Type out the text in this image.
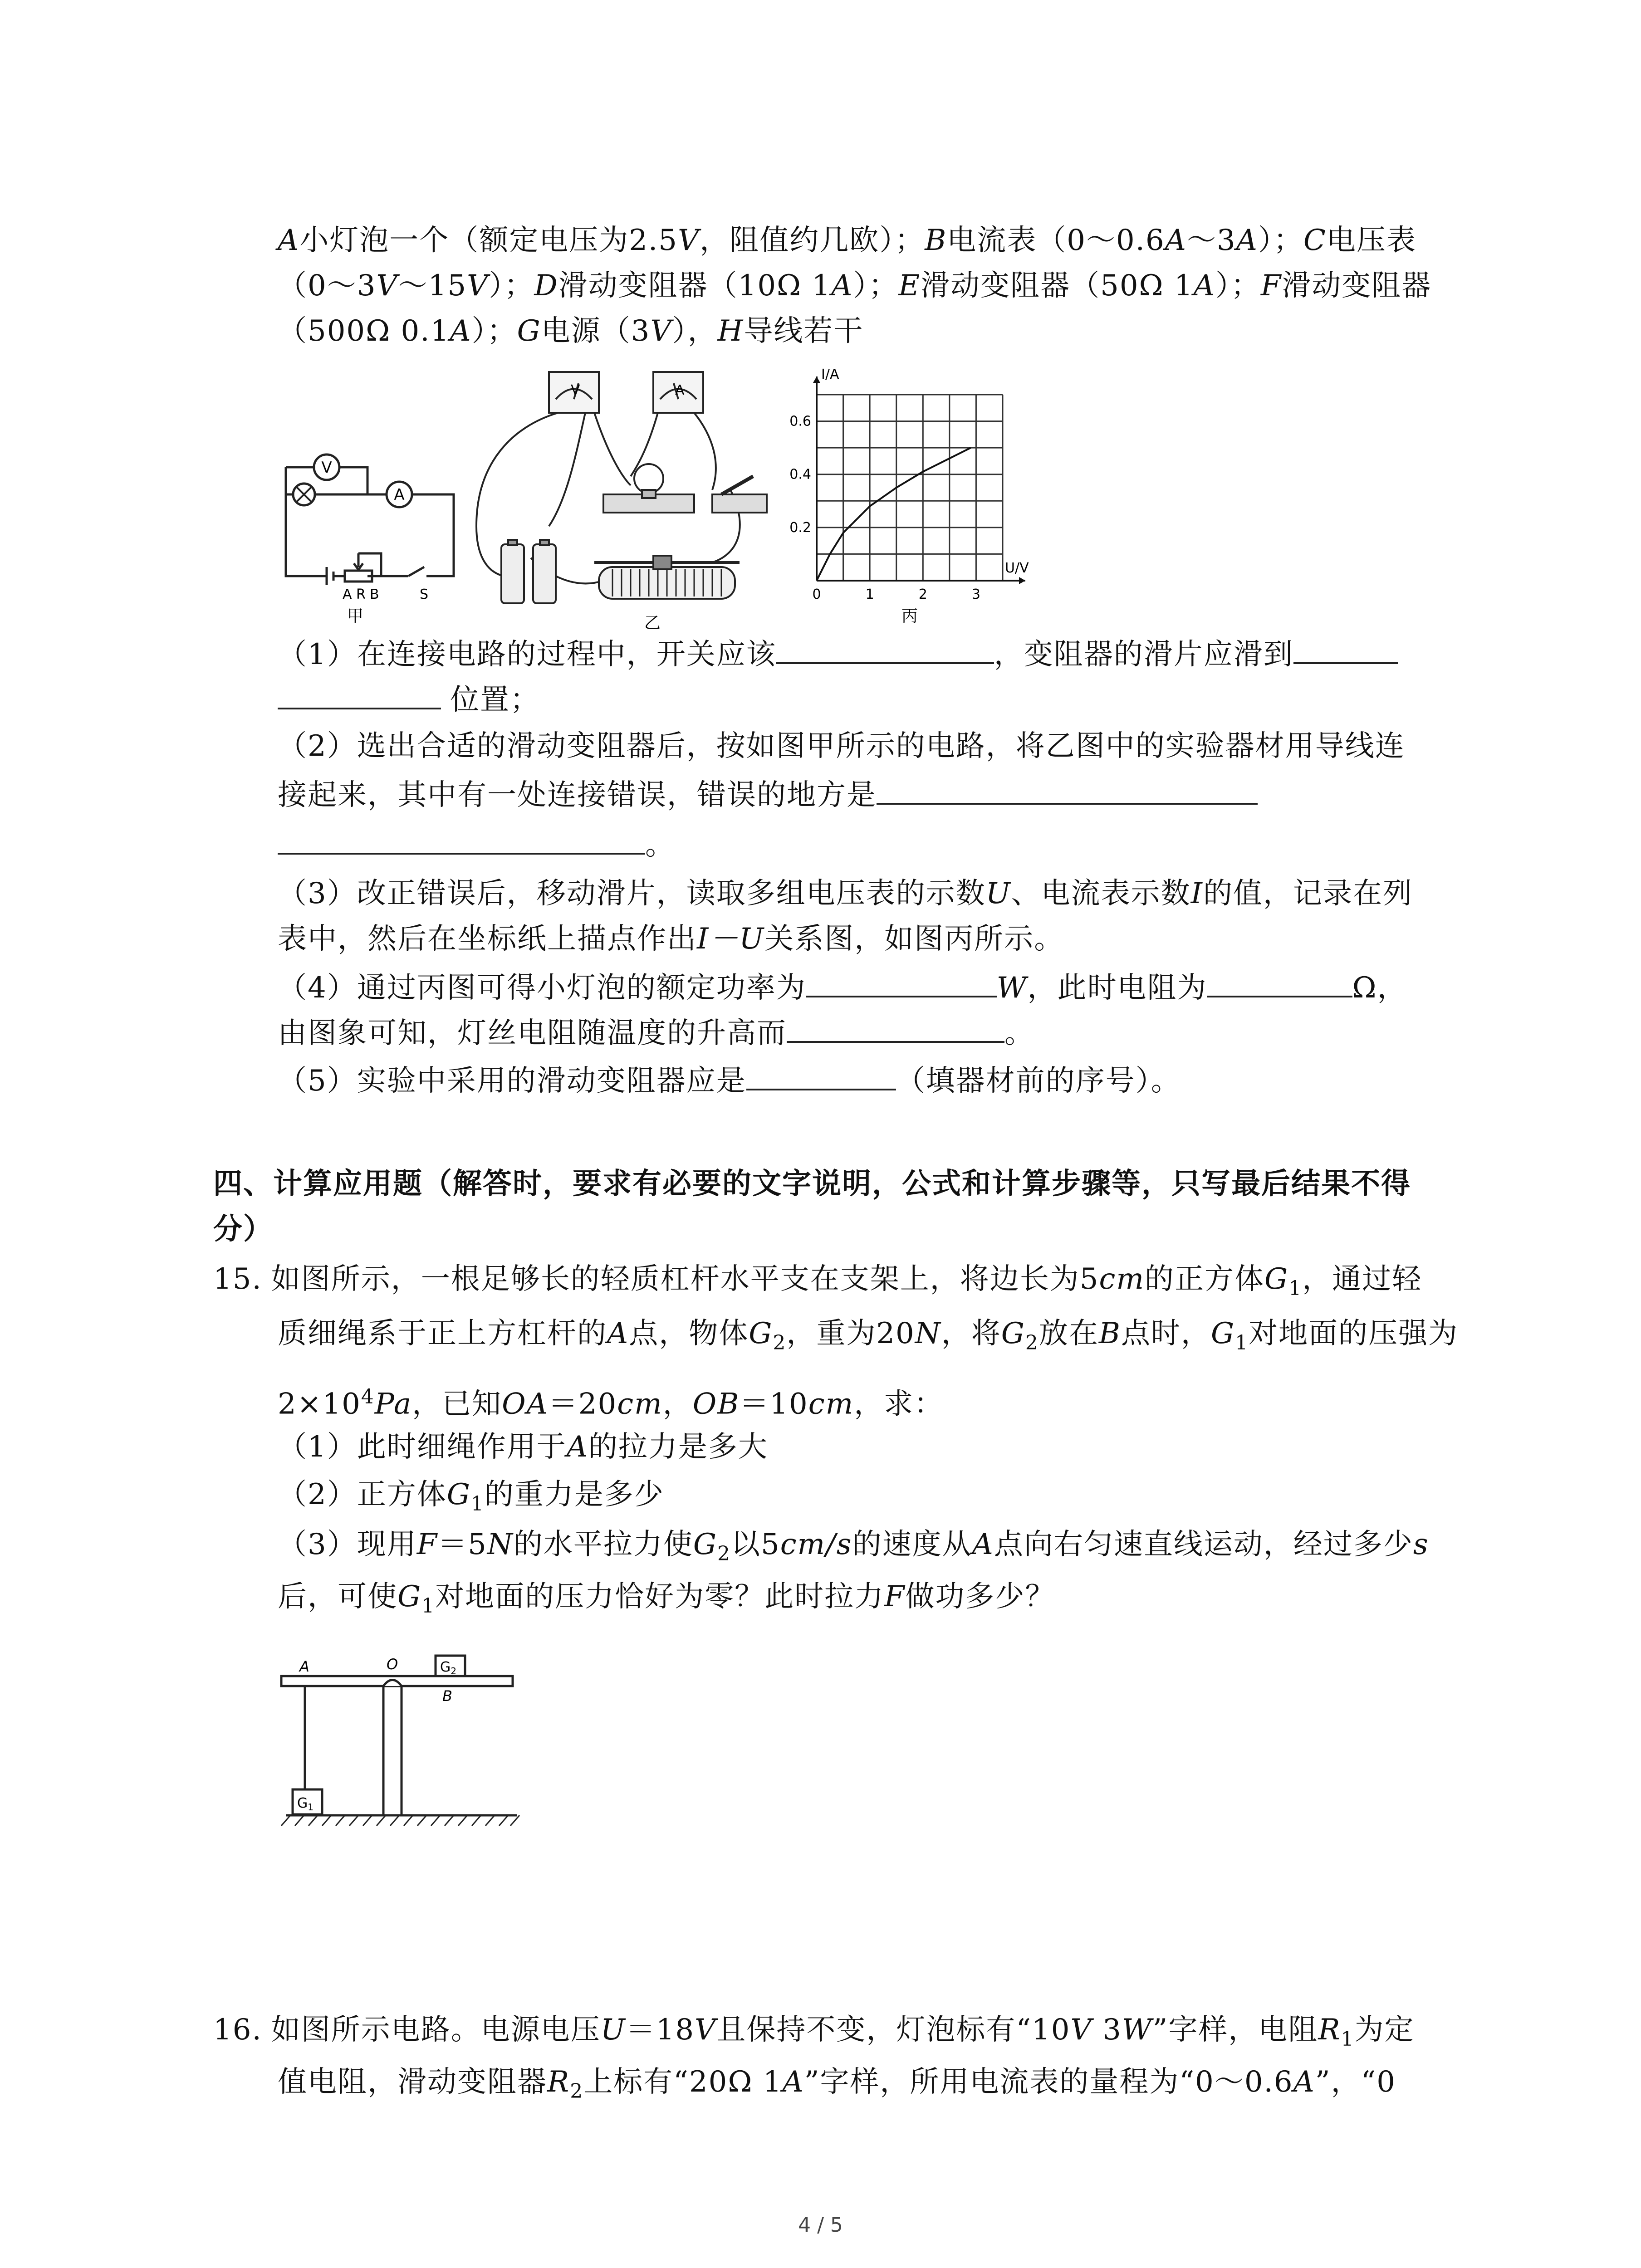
A小灯泡一个（额定电压为2.5V，阻值约几欧）；B电流表（0～0.6A～3A）；C电压表
（0～3V～15V）；D滑动变阻器（10Ω 1A）；E滑动变阻器（50Ω 1A）；F滑动变阻器
（500Ω 0.1A）；G电源（3V），H导线若干
V
A
A R B	S
甲
V	A
乙
0	1	2	3
0.2
0.4
0.6
I/A
U/V
丙
（1）在连接电路的过程中，开关应该	，变阻器的滑片应滑到
位置；
（2）选出合适的滑动变阻器后，按如图甲所示的电路，将乙图中的实验器材用导线连
接起来，其中有一处连接错误，错误的地方是
。
（3）改正错误后，移动滑片，读取多组电压表的示数U、电流表示数I的值，记录在列
表中，然后在坐标纸上描点作出I－U关系图，如图丙所示。
（4）通过丙图可得小灯泡的额定功率为	W，此时电阻为	Ω，
由图象可知，灯丝电阻随温度的升高而	。
（5）实验中采用的滑动变阻器应是	（填器材前的序号）。
四、计算应用题（解答时，要求有必要的文字说明，公式和计算步骤等，只写最后结果不得
分）
15. 如图所示，一根足够长的轻质杠杆水平支在支架上，将边长为5cm的正方体$G_1$，通过轻
质细绳系于正上方杠杆的A点，物体$G_2$，重为20N，将$G_2$放在B点时，$G_1$对地面的压强为
$2\times 10^4Pa$，已知OA＝20cm，OB＝10cm，求：
（1）此时细绳作用于A的拉力是多大
（2）正方体$G_1$的重力是多少
（3）现用F＝5N的水平拉力使$G_2$以5cm/s的速度从A点向右匀速直线运动，经过多少s
后，可使$G_1$对地面的压力恰好为零？此时拉力F做功多少？
A	O
B
$G_2$
$G_1$
16. 如图所示电路。电源电压U＝18V且保持不变，灯泡标有“10V 3W”字样，电阻$R_1$为定
值电阻，滑动变阻器$R_2$上标有“20Ω 1A”字样，所用电流表的量程为“0～0.6A”，“0
4 / 5
